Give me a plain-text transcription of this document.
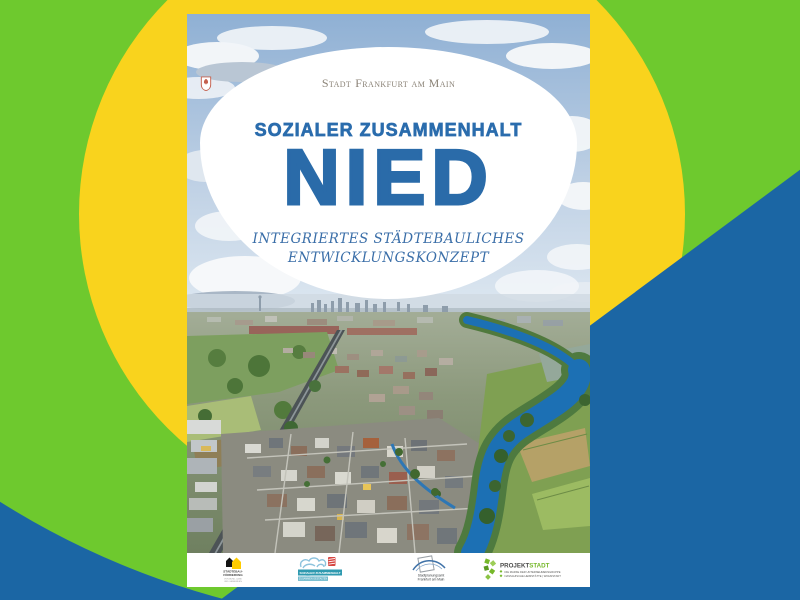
Stadt Frankfurt am Main
SOZIALER ZUSAMMENHALT
NIED
INTEGRIERTES STÄDTEBAULICHES
ENTWICKLUNGSKONZEPT
STÄDTEBAU-
FÖRDERUNG
VON BUND, LAND
UND GEMEINDEN
SOZIALER ZUSAMMENHALT
ZUSAMMEN GESTALTEN
Stadtplanungsamt
Frankfurt am Main
PROJEKTSTADT
DIE MARKE DER UNTERNEHMENSGRUPPE
NASSAUISCHE HEIMSTÄTTE | WOHNSTADT
